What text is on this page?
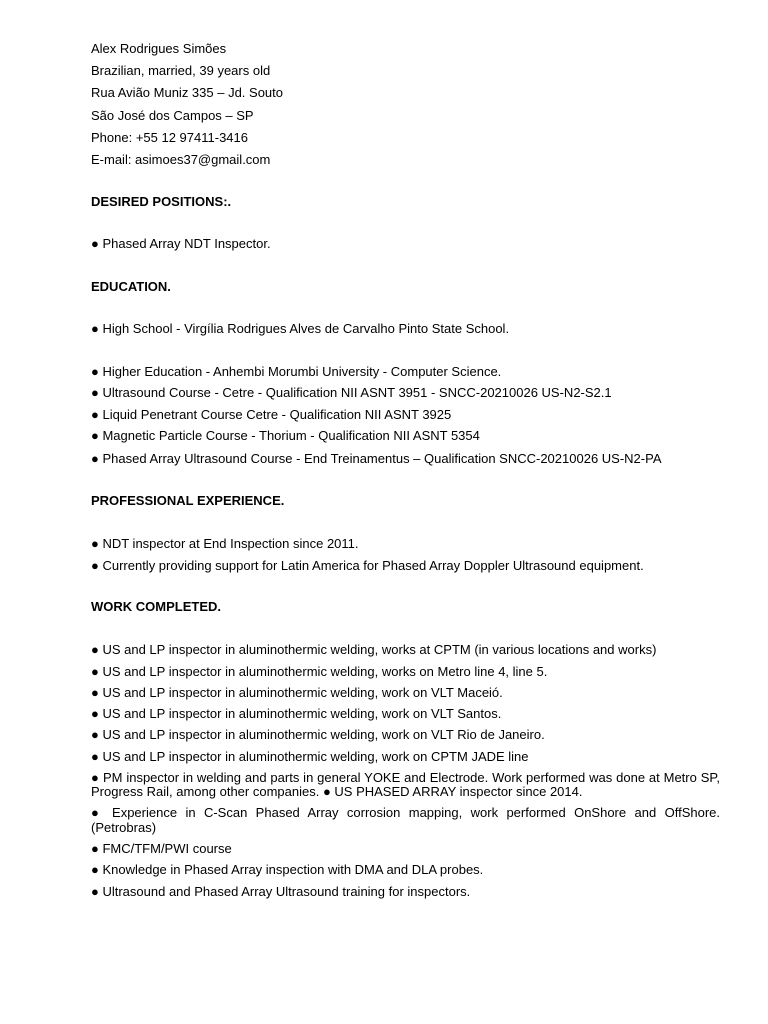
Alex Rodrigues Simões
Brazilian, married, 39 years old
Rua Avião Muniz 335 – Jd. Souto
São José dos Campos – SP
Phone: +55 12 97411-3416
E-mail: asimoes37@gmail.com
DESIRED POSITIONS:.
● Phased Array NDT Inspector.
EDUCATION.
● High School - Virgília Rodrigues Alves de Carvalho Pinto State School.
● Higher Education - Anhembi Morumbi University - Computer Science.
● Ultrasound Course - Cetre - Qualification NII ASNT 3951 - SNCC-20210026 US-N2-S2.1
● Liquid Penetrant Course Cetre - Qualification NII ASNT 3925
● Magnetic Particle Course - Thorium - Qualification NII ASNT 5354
● Phased Array Ultrasound Course - End Treinamentus – Qualification SNCC-20210026 US-N2-PA
PROFESSIONAL EXPERIENCE.
● NDT inspector at End Inspection since 2011.
● Currently providing support for Latin America for Phased Array Doppler Ultrasound equipment.
WORK COMPLETED.
● US and LP inspector in aluminothermic welding, works at CPTM (in various locations and works)
● US and LP inspector in aluminothermic welding, works on Metro line 4, line 5.
● US and LP inspector in aluminothermic welding, work on VLT Maceió.
● US and LP inspector in aluminothermic welding, work on VLT Santos.
● US and LP inspector in aluminothermic welding, work on VLT Rio de Janeiro.
● US and LP inspector in aluminothermic welding, work on CPTM JADE line
● PM inspector in welding and parts in general YOKE and Electrode. Work performed was done at Metro SP,
Progress Rail, among other companies. ● US PHASED ARRAY inspector since 2014.
● Experience in C-Scan Phased Array corrosion mapping, work performed OnShore and OffShore.
(Petrobras)
● FMC/TFM/PWI course
● Knowledge in Phased Array inspection with DMA and DLA probes.
● Ultrasound and Phased Array Ultrasound training for inspectors.
